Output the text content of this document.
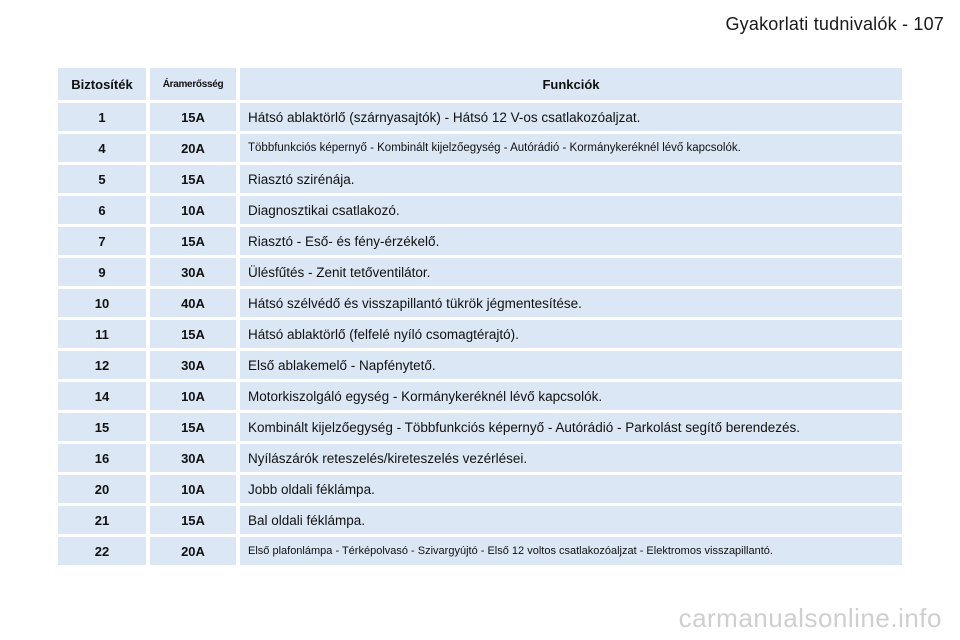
Gyakorlati tudnivalók - 107
Biztosíték	Áramerősség	Funkciók
1	15A	Hátsó ablaktörlő (szárnyasajtók) - Hátsó 12 V-os csatlakozóaljzat.
4	20A	Többfunkciós képernyő - Kombinált kijelzőegység - Autórádió - Kormánykeréknél lévő kapcsolók.
5	15A	Riasztó szirénája.
6	10A	Diagnosztikai csatlakozó.
7	15A	Riasztó - Eső- és fény-érzékelő.
9	30A	Ülésfűtés - Zenit tetőventilátor.
10	40A	Hátsó szélvédő és visszapillantó tükrök jégmentesítése.
11	15A	Hátsó ablaktörlő (felfelé nyíló csomagtérajtó).
12	30A	Első ablakemelő - Napfénytető.
14	10A	Motorkiszolgáló egység - Kormánykeréknél lévő kapcsolók.
15	15A	Kombinált kijelzőegység - Többfunkciós képernyő - Autórádió - Parkolást segítő berendezés.
16	30A	Nyílászárók reteszelés/kireteszelés vezérlései.
20	10A	Jobb oldali féklámpa.
21	15A	Bal oldali féklámpa.
22	20A	Első plafonlámpa - Térképolvasó - Szivargyújtó - Első 12 voltos csatlakozóaljzat - Elektromos visszapillantó.
carmanualsonline.info
